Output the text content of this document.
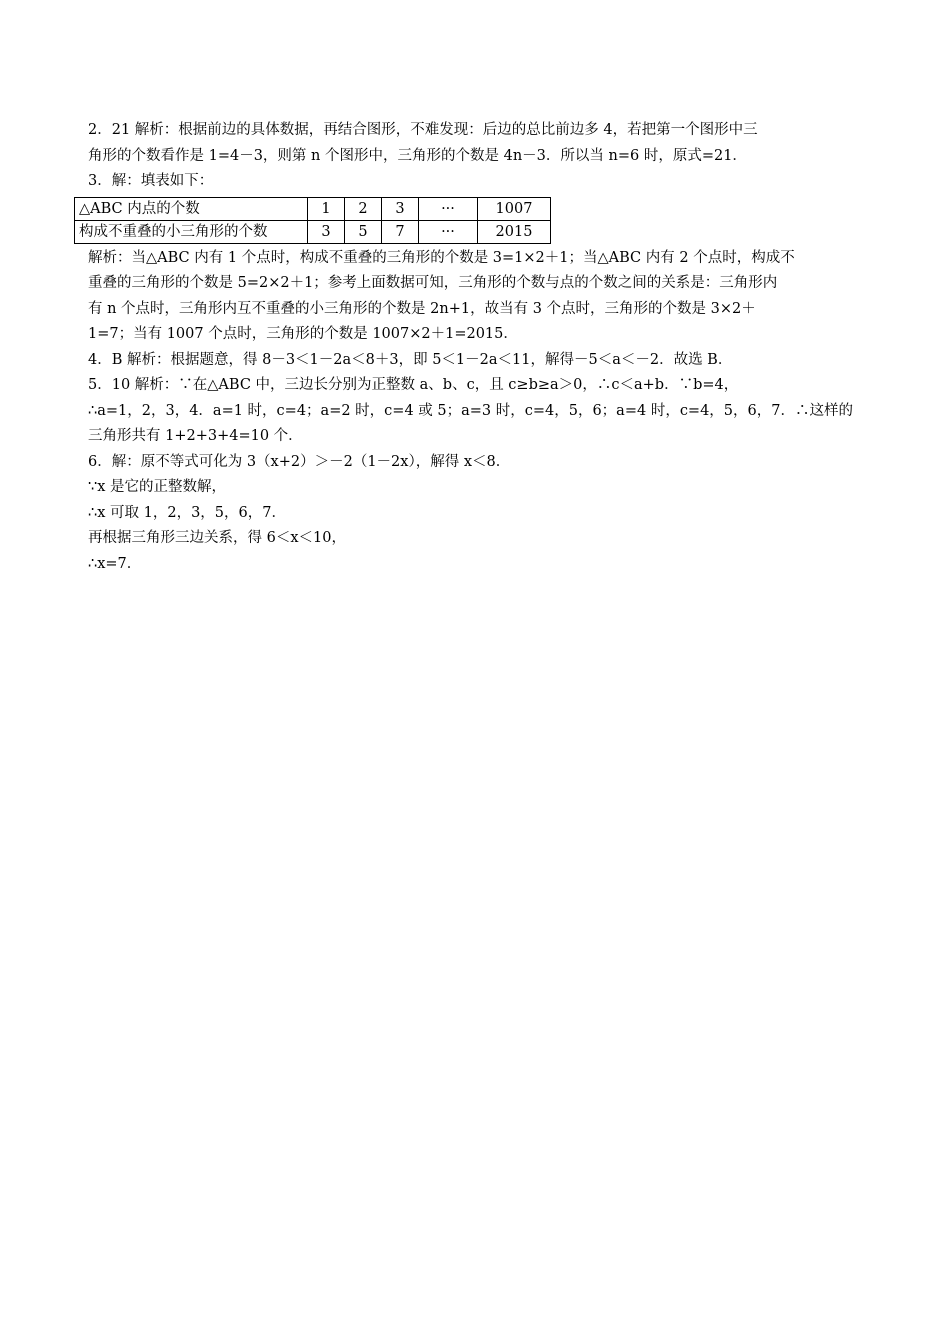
2．21 解析：根据前边的具体数据，再结合图形，不难发现：后边的总比前边多 4，若把第一个图形中三
角形的个数看作是 1=4－3，则第 n 个图形中，三角形的个数是 4n－3．所以当 n=6 时，原式=21．
3．解：填表如下：
△ABC 内点的个数	1	2	3	···	1007
构成不重叠的小三角形的个数	3	5	7	···	2015
解析：当△ABC 内有 1 个点时，构成不重叠的三角形的个数是 3=1×2＋1；当△ABC 内有 2 个点时，构成不
重叠的三角形的个数是 5=2×2＋1；参考上面数据可知，三角形的个数与点的个数之间的关系是：三角形内
有 n 个点时，三角形内互不重叠的小三角形的个数是 2n+1，故当有 3 个点时，三角形的个数是 3×2＋
1=7；当有 1007 个点时，三角形的个数是 1007×2＋1=2015．
4．B 解析：根据题意，得 8－3＜1－2a＜8＋3，即 5＜1－2a＜11，解得－5＜a＜－2．故选 B．
5．10 解析：∵在△ABC 中，三边长分别为正整数 a、b、c，且 c≥b≥a＞0，∴c＜a+b．∵b=4，
∴a=1，2，3，4．a=1 时，c=4；a=2 时，c=4 或 5；a=3 时，c=4，5，6；a=4 时，c=4，5，6，7．∴这样的
三角形共有 1+2+3+4=10 个．
6．解：原不等式可化为 3（x+2）＞－2（1－2x），解得 x＜8．
∵x 是它的正整数解，
∴x 可取 1，2，3，5，6，7．
再根据三角形三边关系，得 6＜x＜10，
∴x=7．
